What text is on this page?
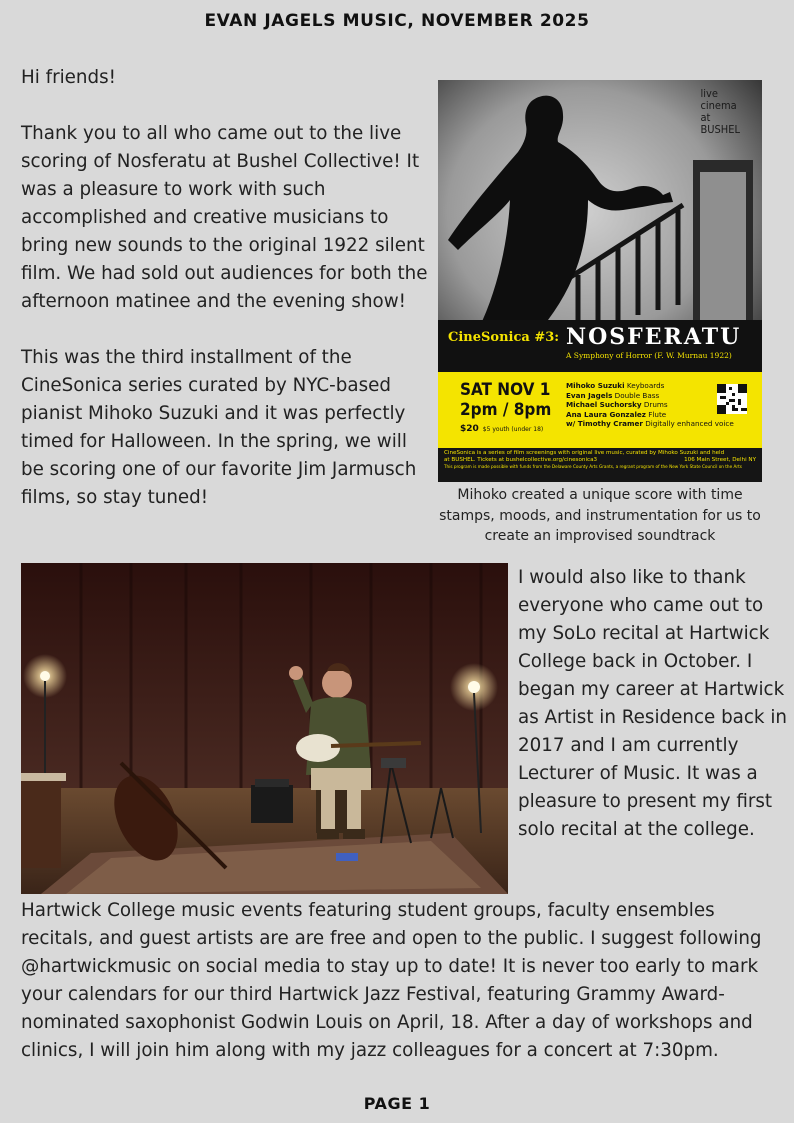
EVAN JAGELS MUSIC, NOVEMBER 2025

Hi friends!

Thank you to all who came out to the live scoring of Nosferatu at Bushel Collective! It was a pleasure to work with such accomplished and creative musicians to bring new sounds to the original 1922 silent film. We had sold out audiences for both the afternoon matinee and the evening show!

This was the third installment of the CineSonica series curated by NYC-based pianist Mihoko Suzuki and it was perfectly timed for Halloween. In the spring, we will be scoring one of our favorite Jim Jarmusch films, so stay tuned!

live
cinema
at
BUSHEL
CineSonica #3: NOSFERATU
A Symphony of Horror (F. W. Murnau 1922)
SAT NOV 1
2pm / 8pm
$20 $5 youth (under 18)
Mihoko Suzuki Keyboards
Evan Jagels Double Bass
Michael Suchorsky Drums
Ana Laura Gonzalez Flute
w/ Timothy Cramer Digitally enhanced voice
CineSonica is a series of film screenings with original live music, curated by Mihoko Suzuki and held
at BUSHEL. Tickets at bushelcollective.org/cinesonica3	106 Main Street, Delhi NY
This program is made possible with funds from the Delaware County Arts Grants, a regrant program of the New York State Council on the Arts
Mihoko created a unique score with time stamps, moods, and instrumentation for us to create an improvised soundtrack

I would also like to thank everyone who came out to my SoLo recital at Hartwick College back in October. I began my career at Hartwick as Artist in Residence back in 2017 and I am currently Lecturer of Music. It was a pleasure to present my first solo recital at the college.

Hartwick College music events featuring student groups, faculty ensembles recitals, and guest artists are are free and open to the public. I suggest following @hartwickmusic on social media to stay up to date! It is never too early to mark your calendars for our third Hartwick Jazz Festival, featuring Grammy Award-nominated saxophonist Godwin Louis on April, 18. After a day of workshops and clinics, I will join him along with my jazz colleagues for a concert at 7:30pm.

PAGE 1
